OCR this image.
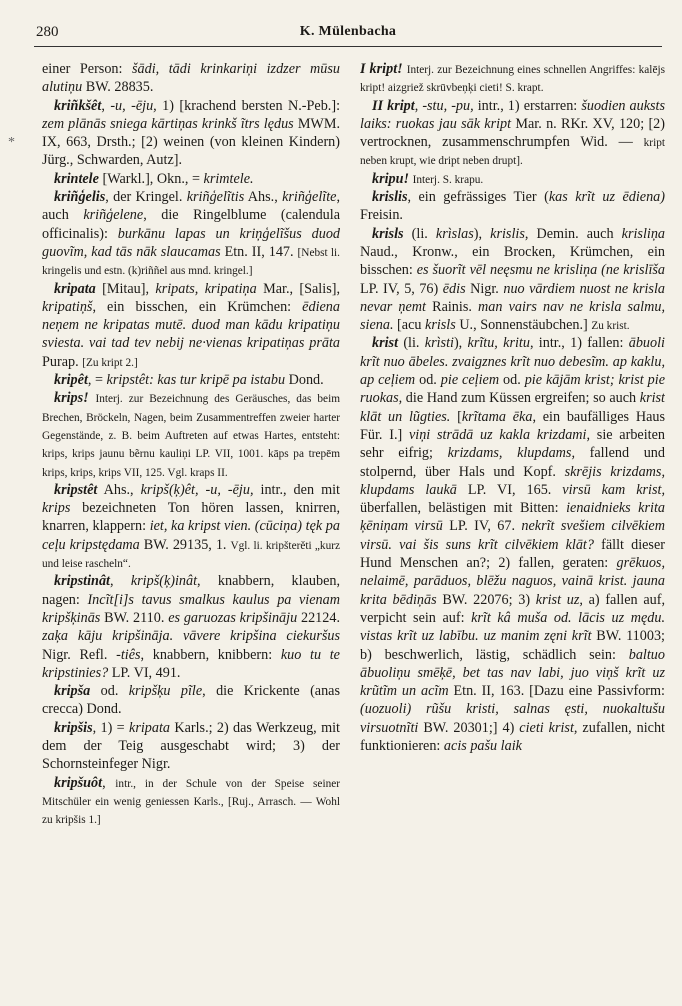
280	K. Mülenbacha
*

einer Person: šādi, tādi krinkariņi izdzer mūsu alutiņu BW. 28835.

kriñkšêt, -u, -ēju, 1) [krachend bersten N.-Peb.]: zem plānās sniega kārtiņas krinkš ĩtrs lędus MWM. IX, 663, Drsth.; [2) weinen (von kleinen Kindern) Jürg., Schwarden, Autz].

krintele [Warkl.], Okn., = krimtele.

kriñģelis, der Kringel. kriñģelĩtis Ahs., kriñģelĩte, auch kriñģelene, die Ringelblume (calendula officinalis): burkānu lapas un kriņģelĩšus duod guovĩm, kad tās nāk slaucamas Etn. II, 147. [Nebst li. kringelis und estn. (k)riññel aus mnd. kringel.]

kripata [Mitau], kripats, kripatiņa Mar., [Salis], kripatiņš, ein bisschen, ein Krümchen: ēdiena neņem ne kripatas mutē. duod man kādu kripatiņu sviesta. vai tad tev nebij ne·vienas kripatiņas prāta Purap. [Zu kript 2.]

kripêt, = kripstêt: kas tur kripē pa istabu Dond.

krips! Interj. zur Bezeichnung des Geräusches, das beim Brechen, Bröckeln, Nagen, beim Zusammentreffen zweier harter Gegenstände, z. B. beim Auftreten auf etwas Hartes, entsteht: krips, krips jaunu bẽrnu kauliņi LP. VII, 1001. kāps pa trepēm krips, krips, krips VII, 125. Vgl. kraps II.

kripstêt Ahs., kripš(ķ)êt, -u, -ēju, intr., den mit krips bezeichneten Ton hören lassen, knirren, knarren, klappern: iet, ka kripst vien. (cūciņa) tęk pa ceļu kripstędama BW. 29135, 1. Vgl. li. kripšterěti „kurz und leise rascheln“.

kripstinât, kripš(ķ)inât, knabbern, klauben, nagen: Incĩt[i]s tavus smalkus kaulus pa vienam kripšķinās BW. 2110. es garuozas kripšināju 22124. zaķa kāju kripšināja. vāvere kripšina ciekuršus Nigr. Refl. -tiês, knabbern, knibbern: kuo tu te kripstinies? LP. VI, 491.

kripša od. kripšķu pĩle, die Krickente (anas crecca) Dond.

kripšis, 1) = kripata Karls.; 2) das Werkzeug, mit dem der Teig ausgeschabt wird; 3) der Schornsteinfeger Nigr.

kripšuôt, intr., in der Schule von der Speise seiner Mitschüler ein wenig geniessen Karls., [Ruj., Arrasch. — Wohl zu kripšis 1.]

I kript! Interj. zur Bezeichnung eines schnellen Angriffes: kalējs kript! aizgriež skrūvbeņķi cieti! S. krapt.

II kript, -stu, -pu, intr., 1) erstarren: šuodien auksts laiks: ruokas jau sāk kript Mar. n. RKr. XV, 120; [2) vertrocknen, zusammenschrumpfen Wid. — kript neben krupt, wie dript neben drupt].

kripu! Interj. S. krapu.

krislis, ein gefrässiges Tier (kas krĩt uz ēdiena) Freisin.

krisls (li. krìslas), krislis, Demin. auch krisliņa Naud., Kronw., ein Brocken, Krümchen, ein bisschen: es šuorĩt vēl neęsmu ne krisliņa (ne krislīša LP. IV, 5, 76) ēdis Nigr. nuo vārdiem nuost ne krisla nevar ņemt Rainis. man vairs nav ne krisla salmu, siena. [acu krisls U., Sonnenstäubchen.] Zu krist.

krist (li. krìsti), krĩtu, kritu, intr., 1) fallen: ābuoli krĩt nuo ābeles. zvaigznes krĩt nuo debesĩm. ap kaklu, ap ceļiem od. pie ceļiem od. pie kājām krist; krist pie ruokas, die Hand zum Küssen ergreifen; so auch krist klāt un lũgties. [krĩtama ēka, ein baufälliges Haus Für. I.] viņi strādā uz kakla krizdami, sie arbeiten sehr eifrig; krizdams, klupdams, fallend und stolpernd, über Hals und Kopf. skrējis krizdams, klupdams laukā LP. VI, 165. virsū kam krist, überfallen, belästigen mit Bitten: ienaidnieks krita ķēniņam virsū LP. IV, 67. nekrĩt svešiem cilvēkiem virsū. vai šis suns krĩt cilvēkiem klāt? fällt dieser Hund Menschen an?; 2) fallen, geraten: grēkuos, nelaimē, parāduos, blēžu naguos, vainā krist. jauna krita bēdiņās BW. 22076; 3) krist uz, a) fallen auf, verpicht sein auf: krĩt kâ muša od. lācis uz mędu. vistas krĩt uz labību. uz manim zęni krĩt BW. 11003; b) beschwerlich, lästig, schädlich sein: baltuo ābuoliņu smēķē, bet tas nav labi, juo viņš krĩt uz krũtĩm un acĩm Etn. II, 163. [Dazu eine Passivform: (uozuoli) rũšu kristi, salnas ęsti, nuokaltušu virsuotnĩti BW. 20301;] 4) cieti krist, zufallen, nicht funktionieren: acis pašu laik
